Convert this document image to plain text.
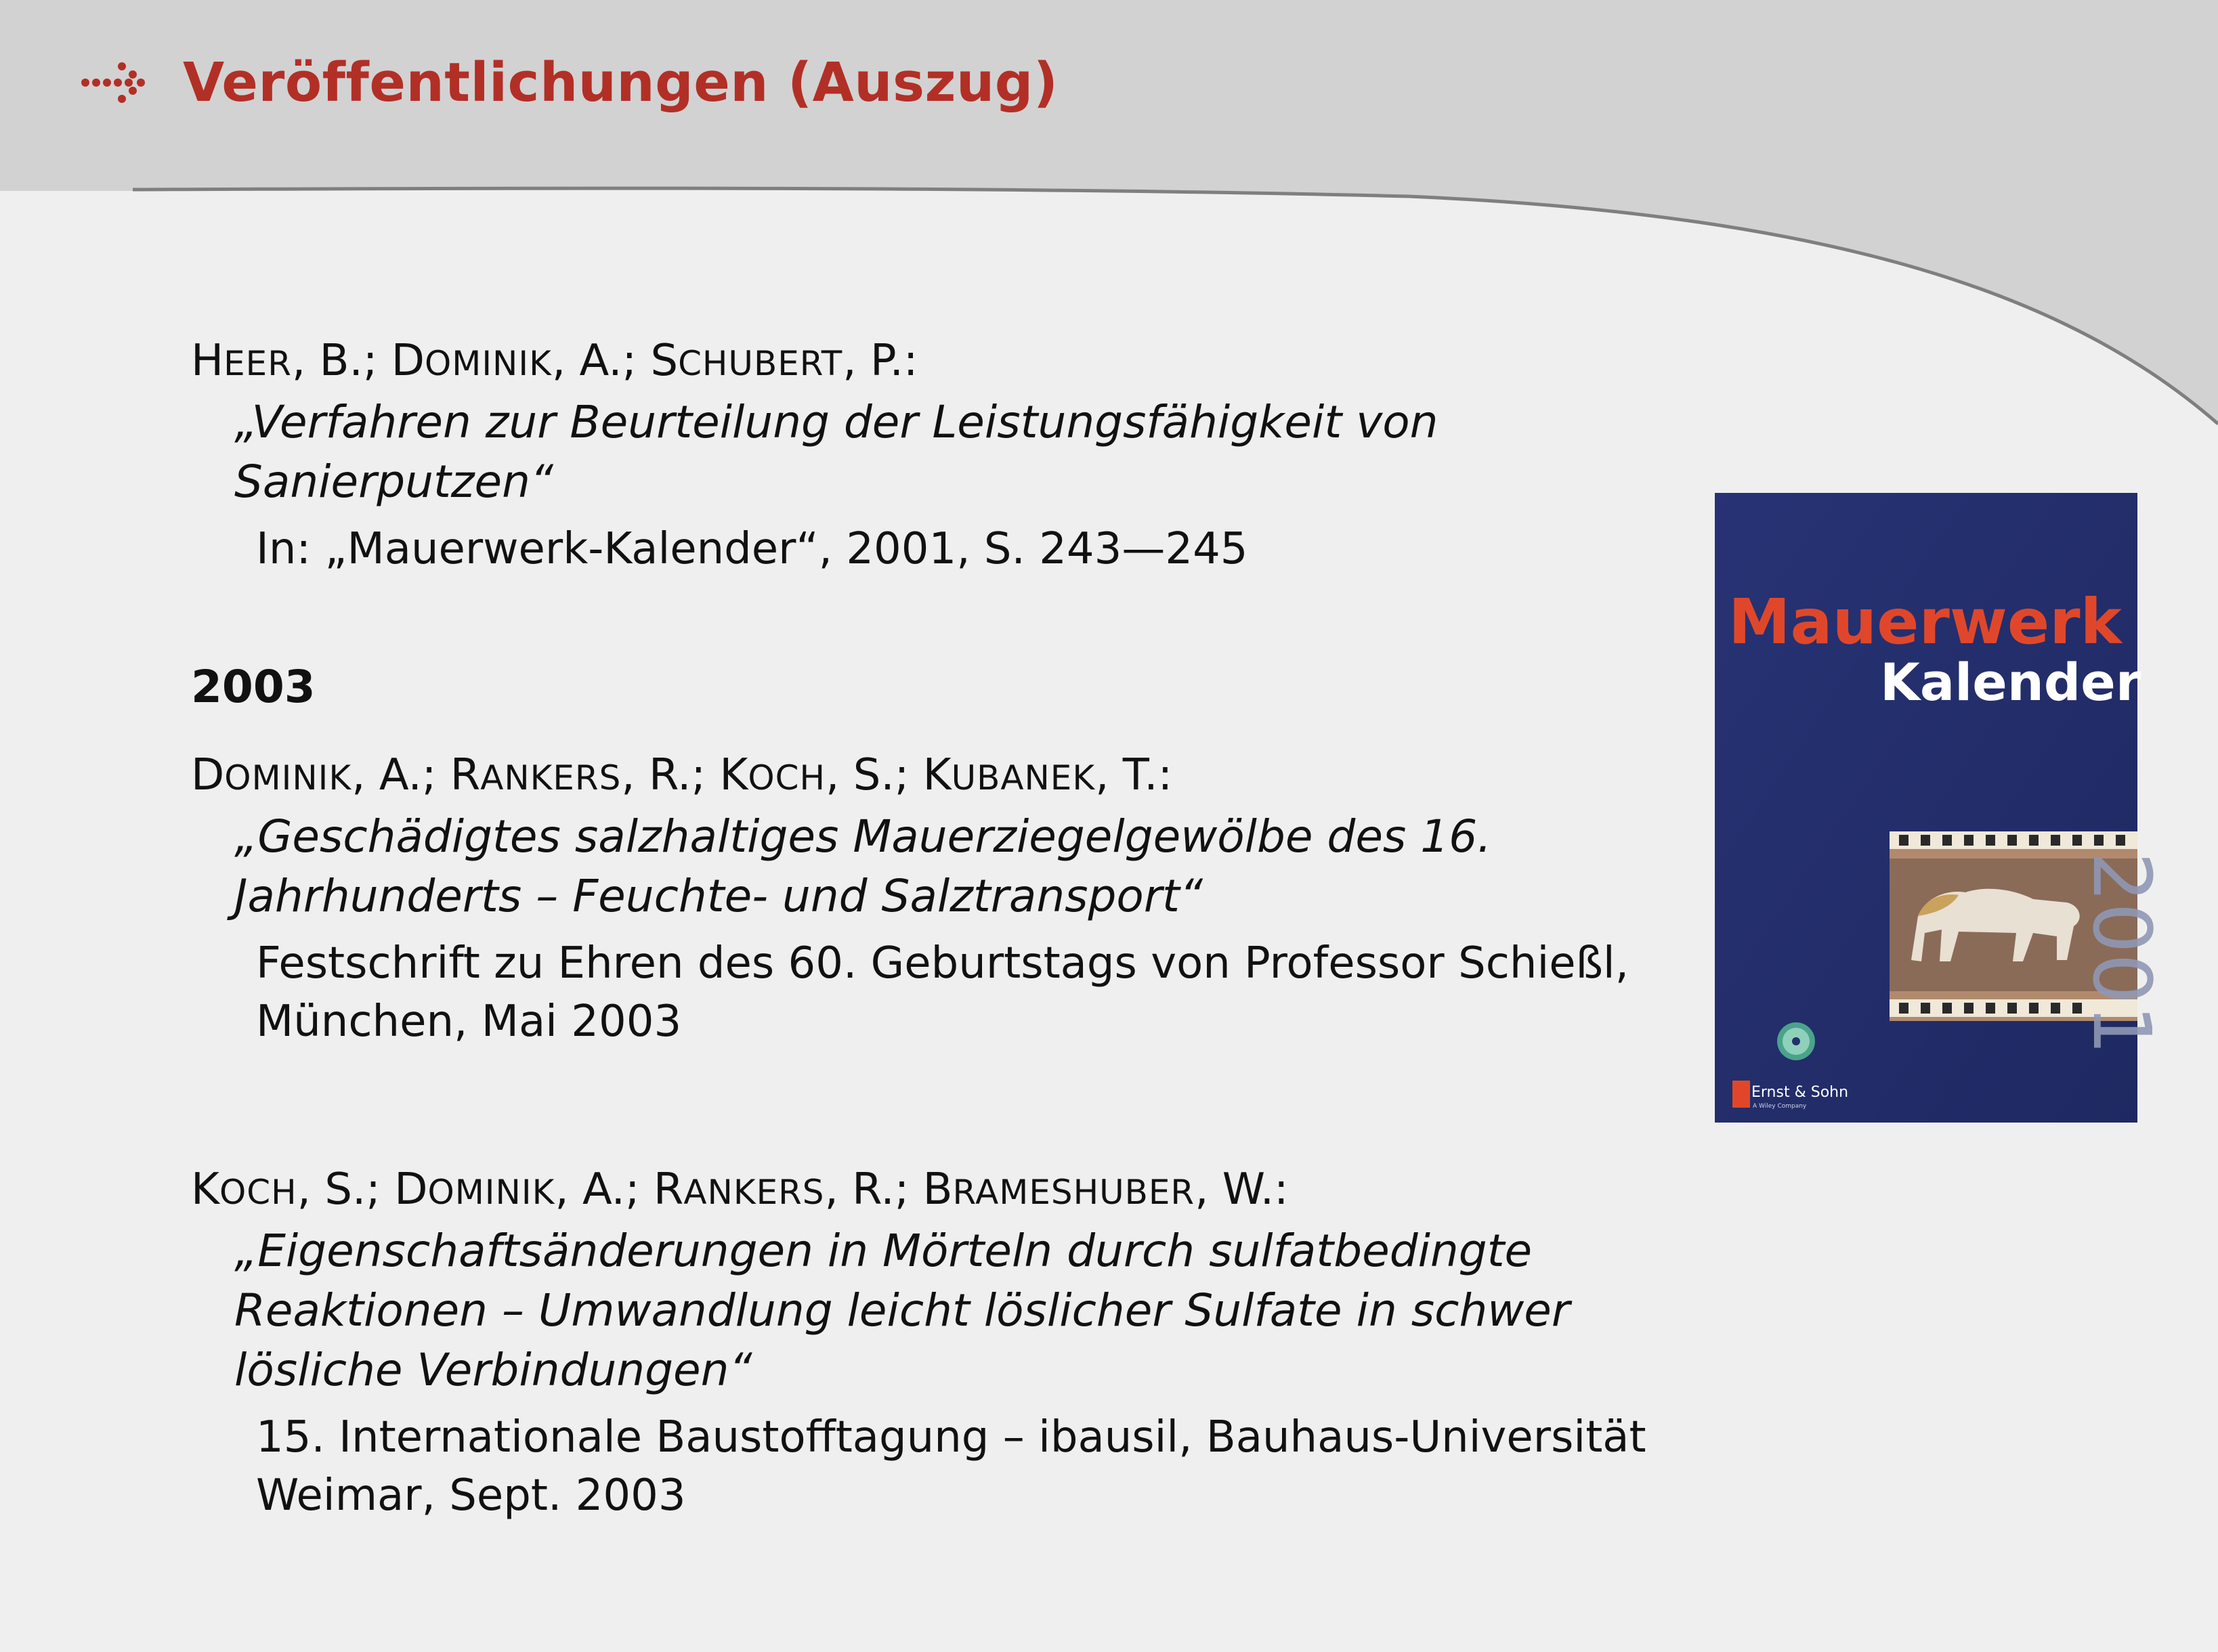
Veröffentlichungen (Auszug)
HEER, B.; DOMINIK, A.; SCHUBERT, P.:
„Verfahren zur Beurteilung der Leistungsfähigkeit von
Sanierputzen“
In: „Mauerwerk-Kalender“, 2001, S. 243—245
2003
DOMINIK, A.; RANKERS, R.; KOCH, S.; KUBANEK, T.:
„Geschädigtes salzhaltiges Mauerziegelgewölbe des 16.
Jahrhunderts – Feuchte- und Salztransport“
Festschrift zu Ehren des 60. Geburtstags von Professor Schießl,
München, Mai 2003
KOCH, S.; DOMINIK, A.; RANKERS, R.; BRAMESHUBER, W.:
„Eigenschaftsänderungen in Mörteln durch sulfatbedingte
Reaktionen – Umwandlung leicht löslicher Sulfate in schwer
lösliche Verbindungen“
15. Internationale Baustofftagung – ibausil, Bauhaus-Universität
Weimar, Sept. 2003
Mauerwerk
Kalender
2001
Ernst & Sohn
A Wiley Company
